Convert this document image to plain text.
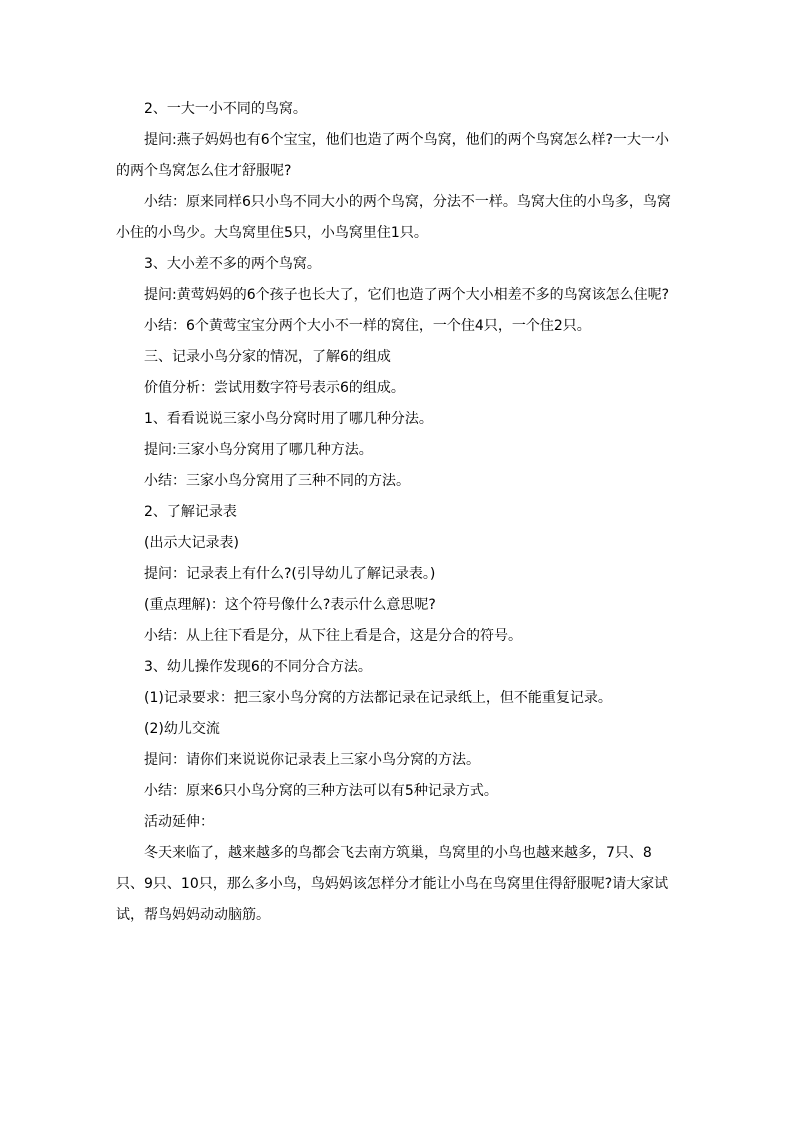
2、一大一小不同的鸟窝。

提问:燕子妈妈也有6个宝宝，他们也造了两个鸟窝，他们的两个鸟窝怎么样?一大一小的两个鸟窝怎么住才舒服呢?

小结：原来同样6只小鸟不同大小的两个鸟窝，分法不一样。鸟窝大住的小鸟多，鸟窝小住的小鸟少。大鸟窝里住5只，小鸟窝里住1只。

3、大小差不多的两个鸟窝。

提问:黄莺妈妈的6个孩子也长大了，它们也造了两个大小相差不多的鸟窝该怎么住呢?

小结：6个黄莺宝宝分两个大小不一样的窝住，一个住4只，一个住2只。

三、记录小鸟分家的情况，了解6的组成

价值分析：尝试用数字符号表示6的组成。

1、看看说说三家小鸟分窝时用了哪几种分法。

提问:三家小鸟分窝用了哪几种方法。

小结：三家小鸟分窝用了三种不同的方法。

2、了解记录表

(出示大记录表)

提问：记录表上有什么?(引导幼儿了解记录表。)

(重点理解)：这个符号像什么?表示什么意思呢?

小结：从上往下看是分，从下往上看是合，这是分合的符号。

3、幼儿操作发现6的不同分合方法。

(1)记录要求：把三家小鸟分窝的方法都记录在记录纸上，但不能重复记录。

(2)幼儿交流

提问：请你们来说说你记录表上三家小鸟分窝的方法。

小结：原来6只小鸟分窝的三种方法可以有5种记录方式。

活动延伸：

冬天来临了，越来越多的鸟都会飞去南方筑巢，鸟窝里的小鸟也越来越多，7只、8只、9只、10只，那么多小鸟，鸟妈妈该怎样分才能让小鸟在鸟窝里住得舒服呢?请大家试试，帮鸟妈妈动动脑筋。
